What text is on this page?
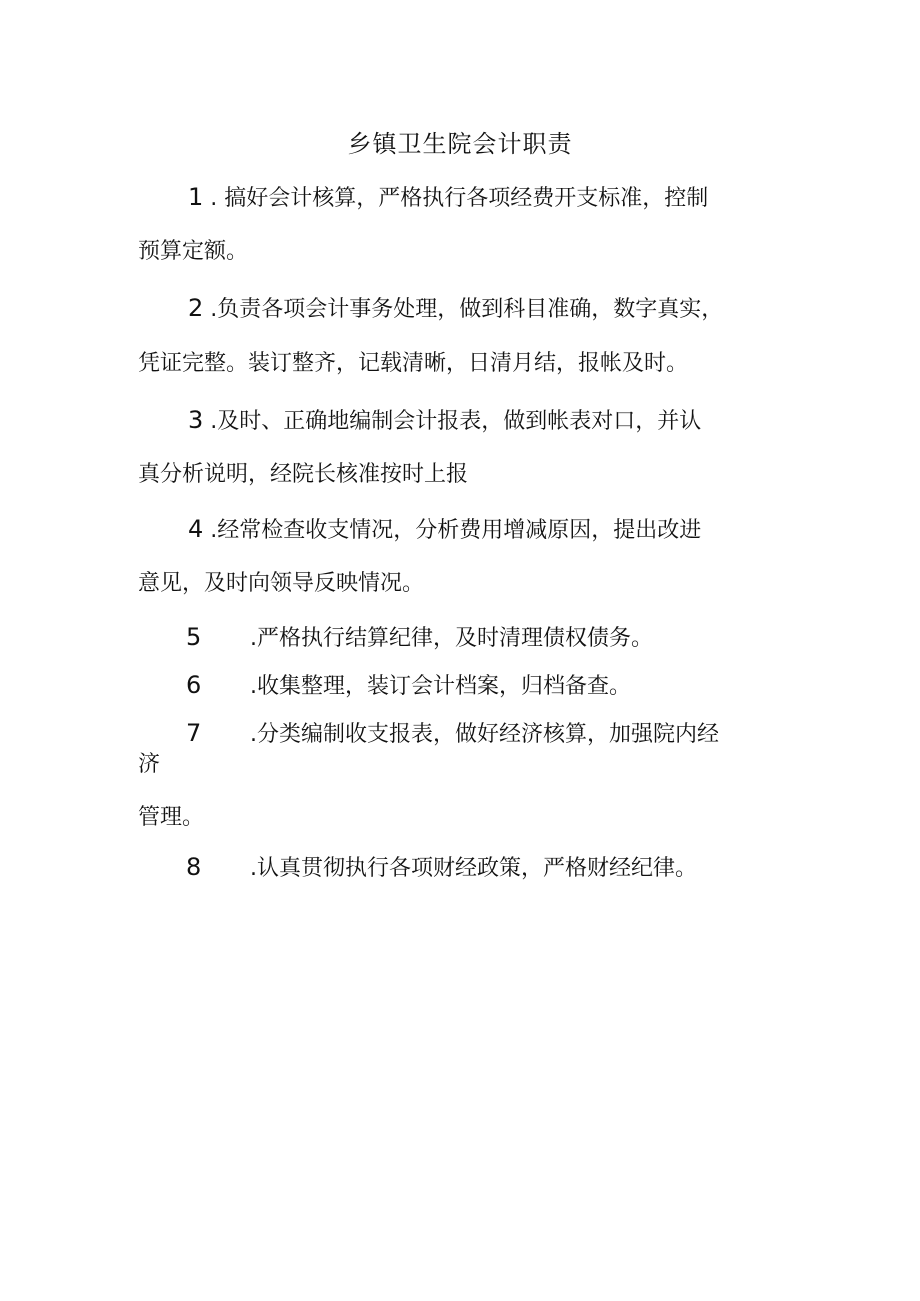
乡镇卫生院会计职责
1 . 搞好会计核算，严格执行各项经费开支标准，控制
预算定额。
2 .负责各项会计事务处理，做到科目准确，数字真实，
凭证完整。装订整齐，记载清晰，日清月结，报帐及时。
3 .及时、正确地编制会计报表，做到帐表对口，并认
真分析说明，经院长核准按时上报
4 .经常检查收支情况，分析费用增减原因，提出改进
意见，及时向领导反映情况。
5 .严格执行结算纪律，及时清理债权债务。
6 .收集整理，装订会计档案，归档备查。
7 .分类编制收支报表，做好经济核算，加强院内经
济
管理。
8 .认真贯彻执行各项财经政策，严格财经纪律。
